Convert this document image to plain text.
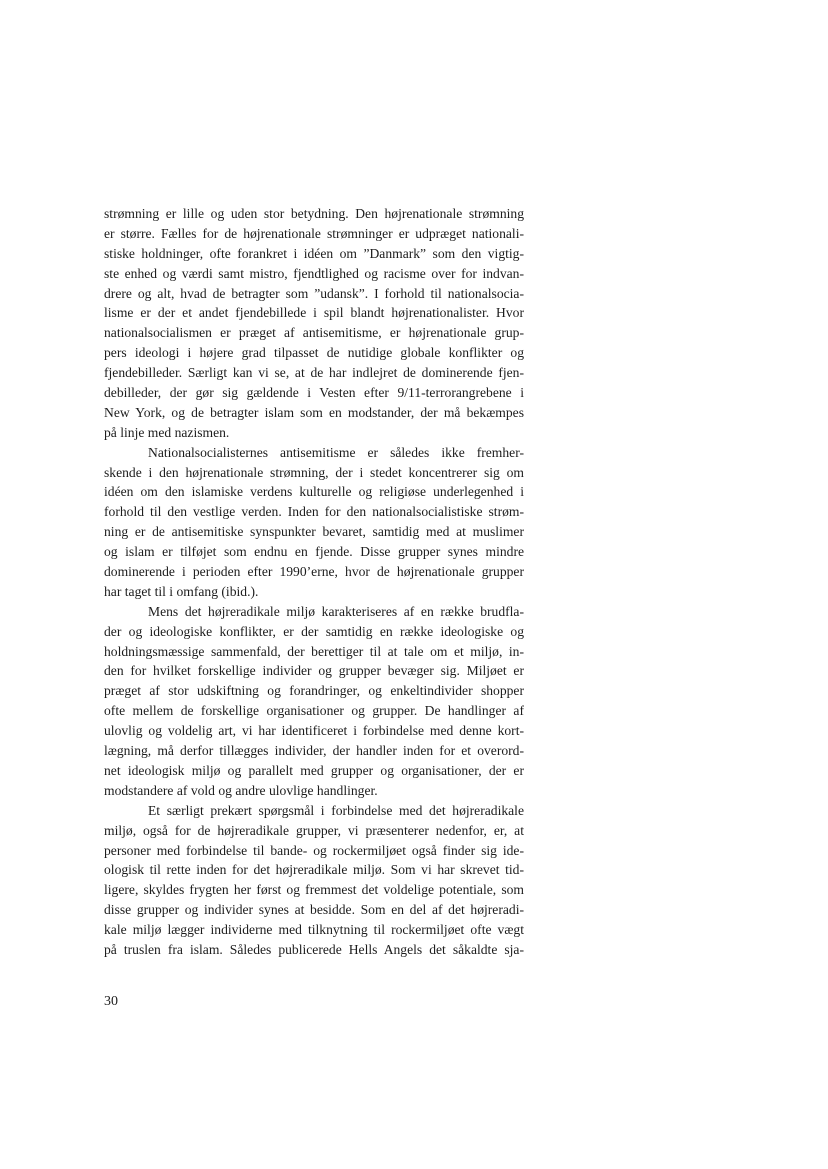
strømning er lille og uden stor betydning. Den højrenationale strømning
er større. Fælles for de højrenationale strømninger er udpræget nationali-
stiske holdninger, ofte forankret i idéen om ”Danmark” som den vigtig-
ste enhed og værdi samt mistro, fjendtlighed og racisme over for indvan-
drere og alt, hvad de betragter som ”udansk”. I forhold til nationalsocia-
lisme er der et andet fjendebillede i spil blandt højrenationalister. Hvor
nationalsocialismen er præget af antisemitisme, er højrenationale grup-
pers ideologi i højere grad tilpasset de nutidige globale konflikter og
fjendebilleder. Særligt kan vi se, at de har indlejret de dominerende fjen-
debilleder, der gør sig gældende i Vesten efter 9/11-terrorangrebene i
New York, og de betragter islam som en modstander, der må bekæmpes
på linje med nazismen.
Nationalsocialisternes antisemitisme er således ikke fremher-
skende i den højrenationale strømning, der i stedet koncentrerer sig om
idéen om den islamiske verdens kulturelle og religiøse underlegenhed i
forhold til den vestlige verden. Inden for den nationalsocialistiske strøm-
ning er de antisemitiske synspunkter bevaret, samtidig med at muslimer
og islam er tilføjet som endnu en fjende. Disse grupper synes mindre
dominerende i perioden efter 1990’erne, hvor de højrenationale grupper
har taget til i omfang (ibid.).
Mens det højreradikale miljø karakteriseres af en række brudfla-
der og ideologiske konflikter, er der samtidig en række ideologiske og
holdningsmæssige sammenfald, der berettiger til at tale om et miljø, in-
den for hvilket forskellige individer og grupper bevæger sig. Miljøet er
præget af stor udskiftning og forandringer, og enkeltindivider shopper
ofte mellem de forskellige organisationer og grupper. De handlinger af
ulovlig og voldelig art, vi har identificeret i forbindelse med denne kort-
lægning, må derfor tillægges individer, der handler inden for et overord-
net ideologisk miljø og parallelt med grupper og organisationer, der er
modstandere af vold og andre ulovlige handlinger.
Et særligt prekært spørgsmål i forbindelse med det højreradikale
miljø, også for de højreradikale grupper, vi præsenterer nedenfor, er, at
personer med forbindelse til bande- og rockermiljøet også finder sig ide-
ologisk til rette inden for det højreradikale miljø. Som vi har skrevet tid-
ligere, skyldes frygten her først og fremmest det voldelige potentiale, som
disse grupper og individer synes at besidde. Som en del af det højreradi-
kale miljø lægger individerne med tilknytning til rockermiljøet ofte vægt
på truslen fra islam. Således publicerede Hells Angels det såkaldte sja-
30
